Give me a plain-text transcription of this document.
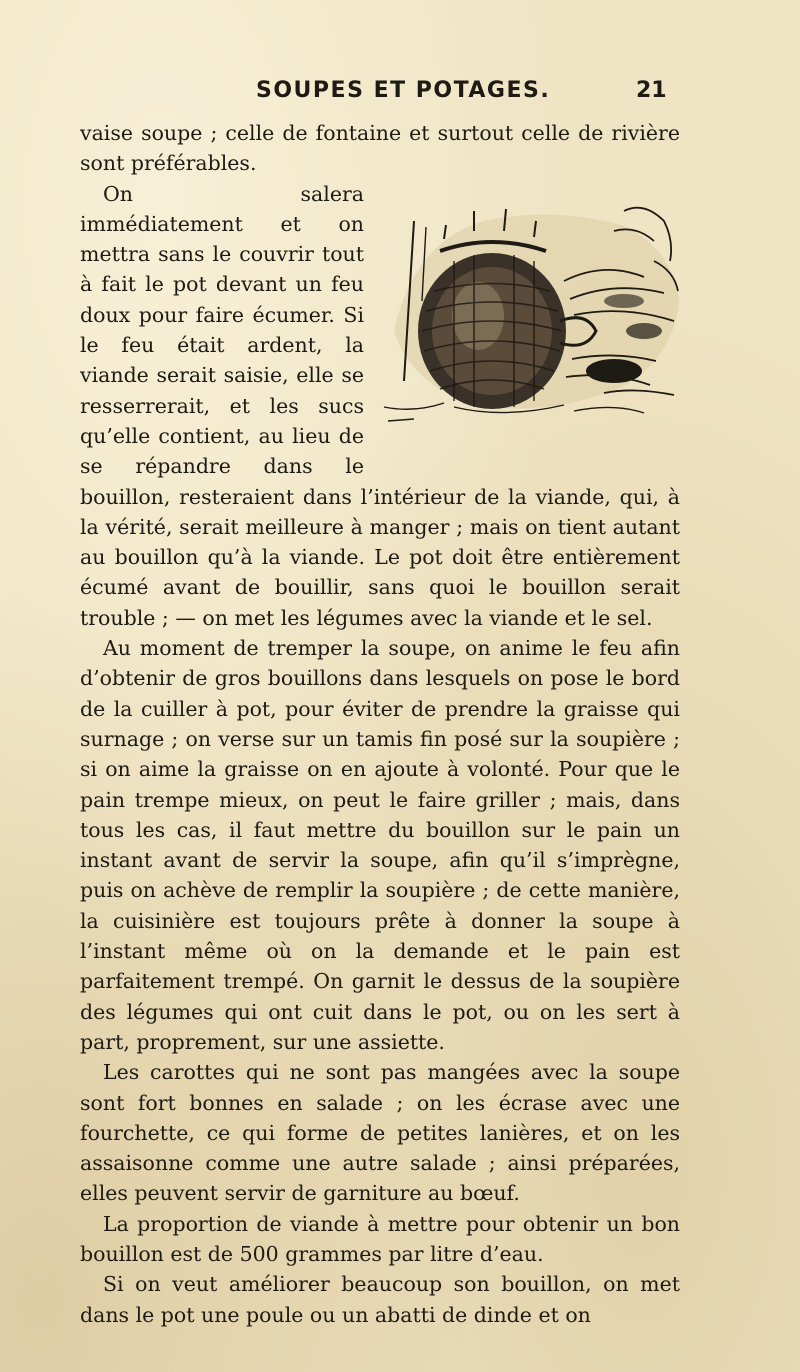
SOUPES ET POTAGES.	21

vaise soupe ; celle de fontaine et surtout celle de rivière sont préférables.

On salera immédiatement et on mettra sans le couvrir tout à fait le pot devant un feu doux pour faire écumer. Si le feu était ardent, la viande serait saisie, elle se resserrerait, et les sucs qu’elle contient, au lieu de se répandre dans le bouillon, resteraient dans l’intérieur de la viande, qui, à la vérité, serait meilleure à manger ; mais on tient autant au bouillon qu’à la viande. Le pot doit être entièrement écumé avant de bouillir, sans quoi le bouillon serait trouble ; — on met les légumes avec la viande et le sel.

Au moment de tremper la soupe, on anime le feu afin d’obtenir de gros bouillons dans lesquels on pose le bord de la cuiller à pot, pour éviter de prendre la graisse qui surnage ; on verse sur un tamis fin posé sur la soupière ; si on aime la graisse on en ajoute à volonté. Pour que le pain trempe mieux, on peut le faire griller ; mais, dans tous les cas, il faut mettre du bouillon sur le pain un instant avant de servir la soupe, afin qu’il s’imprègne, puis on achève de remplir la soupière ; de cette manière, la cuisinière est toujours prête à donner la soupe à l’instant même où on la demande et le pain est parfaitement trempé. On garnit le dessus de la soupière des légumes qui ont cuit dans le pot, ou on les sert à part, proprement, sur une assiette.

Les carottes qui ne sont pas mangées avec la soupe sont fort bonnes en salade ; on les écrase avec une fourchette, ce qui forme de petites lanières, et on les assaisonne comme une autre salade ; ainsi préparées, elles peuvent servir de garniture au bœuf.

La proportion de viande à mettre pour obtenir un bon bouillon est de 500 grammes par litre d’eau.

Si on veut améliorer beaucoup son bouillon, on met dans le pot une poule ou un abatti de dinde et on
